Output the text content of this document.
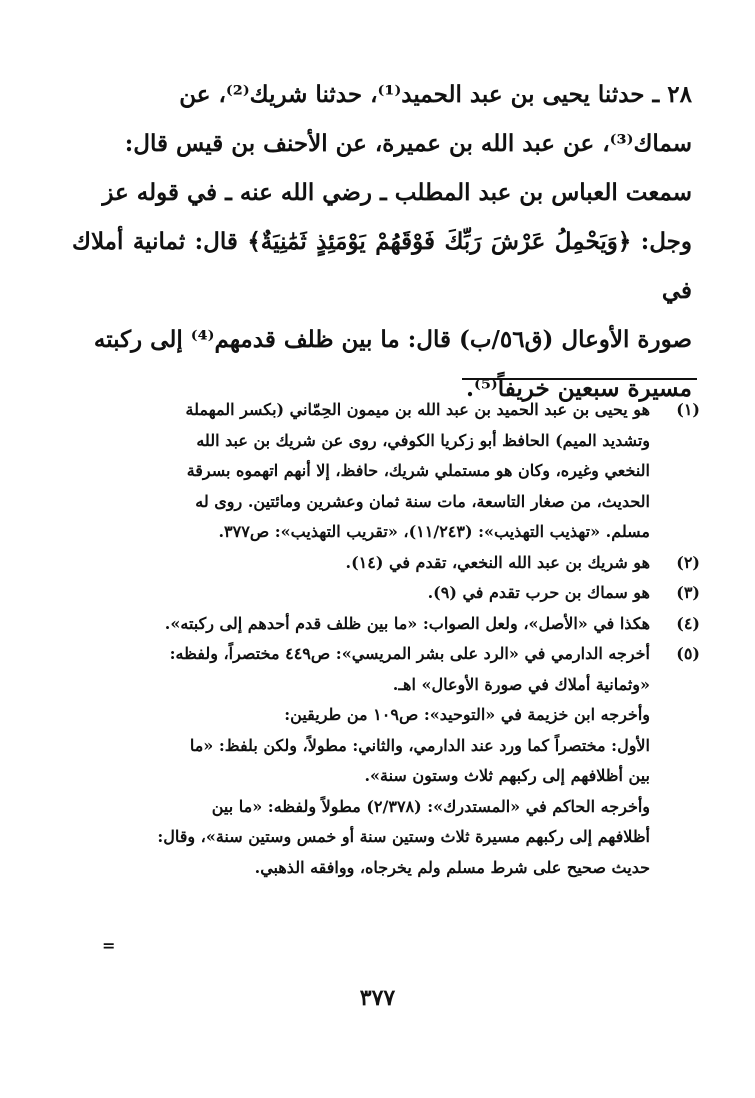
٢٨ ـ حدثنا يحيى بن عبد الحميد⁽¹⁾، حدثنا شريك⁽²⁾، عن

سماك⁽³⁾، عن عبد الله بن عميرة، عن الأحنف بن قيس قال:

سمعت العباس بن عبد المطلب ـ رضي الله عنه ـ في قوله عز

وجل: ﴿وَيَحْمِلُ عَرْشَ رَبِّكَ فَوْقَهُمْ يَوْمَئِذٍ ثَمَٰنِيَةٌ﴾ قال: ثمانية أملاك في

صورة الأوعال (ق٥٦/ب) قال: ما بين ظلف قدمهم⁽⁴⁾ إلى ركبته

مسيرة سبعين خريفاً⁽⁵⁾.

(١)
هو يحيى بن عبد الحميد بن عبد الله بن ميمون الحِمّاني (بكسر المهملة
وتشديد الميم) الحافظ أبو زكريا الكوفي، روى عن شريك بن عبد الله
النخعي وغيره، وكان هو مستملي شريك، حافظ، إلا أنهم اتهموه بسرقة
الحديث، من صغار التاسعة، مات سنة ثمان وعشرين ومائتين. روى له
مسلم. «تهذيب التهذيب»: (١١/٢٤٣)، «تقريب التهذيب»: ص٣٧٧.
(٢)
هو شريك بن عبد الله النخعي، تقدم في (١٤).
(٣)
هو سماك بن حرب تقدم في (٩).
(٤)
هكذا في «الأصل»، ولعل الصواب: «ما بين ظلف قدم أحدهم إلى ركبته».
(٥)
أخرجه الدارمي في «الرد على بشر المريسي»: ص٤٤٩ مختصراً، ولفظه:
«وثمانية أملاك في صورة الأوعال» اهـ.
وأخرجه ابن خزيمة في «التوحيد»: ص١٠٩ من طريقين:
الأول: مختصراً كما ورد عند الدارمي، والثاني: مطولاً، ولكن بلفظ: «ما
بين أظلافهم إلى ركبهم ثلاث وستون سنة».
وأخرجه الحاكم في «المستدرك»: (٢/٣٧٨) مطولاً ولفظه: «ما بين
أظلافهم إلى ركبهم مسيرة ثلاث وستين سنة أو خمس وستين سنة»، وقال:
حديث صحيح على شرط مسلم ولم يخرجاه، ووافقه الذهبي.
=
٣٧٧
